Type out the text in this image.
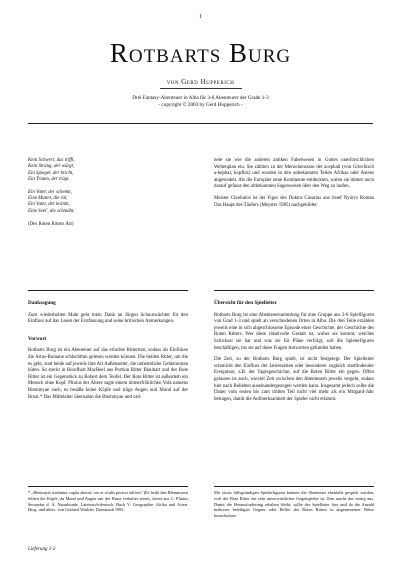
1
Rotbarts Burg
von Gerd Hupperich
Drei Fantasy-Abenteuer in Alba für 3-6 Abenteurer der Grade 1-3
- copyright © 2003 by Gerd Hupperich -
Kein Schwert, das trifft,
Kein Strang, der würgt,
Ein Spiegel, der bricht,
Ein Traum, der trügt.
Ein Vater, der schenkt,
Eine Mutter, die rät,
Ein Vater, der kränkt,
Eine Seel', die schmäht.
(Des Roten Ritters Art)

nete sie wie die anderen antiken Fabelwesen in Gottes unerforschlichen Weltenplan ein. Sie zählten zu der Menschenrasse der acephali (von Griechisch a-kephal, kopflos) und wurden in den unbekannten Teilen Afrikas oder Asiens angesiedelt. Als die Europäer neue Kontinente entdeckten, waren sie immer noch darauf gefasst den altbekannten Sagenwesen über den Weg zu laufen.

Meister Cleobulos ist der Figur des Doktor Cäsarius aus Josef Nyárys Roman Das Haupt des Täufers (Meyster 1985) nachgebildet.

Danksagung

Zum wiederholten Male geht mein Dank an Jürgen Schnurwächter für den Einfluss auf das Lesen der Erstfassung und seine kritischen Anmerkungen.

Vorwort

Rotbarts Burg ist ein Abenteuer auf das erlachte Rittertum, sodass als Einflüsse die Artus-Romane schlechthin gelesen werden können. Die beiden Ritter, um die es geht, sind beide auf jeweils ihre Art Außenseiter, die unheimliche Geheimnisse hüten. So steckt in Rioufhart MacReel aus Portion Ritter Blauhart und der Rote Ritter ist ein Gegenstück zu Robert dem Teufel. Der Rote Ritter ist außerdem ein Mensch ohne Kopf. Plinius der Ältere sagte einem immerfröhlichen Volk namens Blemmyae nach, es besäße keine Köpfe und trüge Augen und Mund auf der Brust.* Das Mittelalter übernahm die Blemmyae und ord-

* „Blemmyis traduntur capita abesse, ore et oculis pectori adfixis" (Es heißt den Blemmyern fehlen die Köpfe, da Mund und Augen mit der Brust verhaftet seien), zitiert aus C. Plinius Secundus d. Ä. Naturkunde. Lateinisch-deutsch. Buch V: Geographie: Afrika und Asien. Hrsg. und übers. von Gerhard Winkler. Darmstadt 1993.
Übersicht für den Spielleiter

Rotbarts Burg ist eine Abenteuersammlung für eine Gruppe aus 3-6 Spielfiguren von Grad 1-3 und spielt an verschiedenen Orten in Alba. Die drei Teile erzählen jeweils eine in sich abgeschlossene Episode einer Geschichte, der Geschichte des Roten Ritters. Wer diese rätselvolle Gestalt ist, woher sie kommt, welches Schicksal sie hat und was sie für Pläne verfolgt, soll die Spielerfiguren beschäftigen, bis sie auf diese Fragen Antworten gefunden haben.

Die Zeit, zu der Rotbarts Burg spielt, ist nicht festgelegt. Der Spielleiter schmückt den Einfluss der Jahreszeiten oder besonderer zugleich stattfindender Ereignisse, z.B. der Tagesgeschichte, auf die Roten Ritter ein gegen. Offen gelassen ist auch, wieviel Zeit zwischen den Abenteuern jeweils vergeht, sodass hier nach Belieben auseinandergezogen werden kann. Insgesamt jedoch sollte die Dauer vom ersten bis zum dritten Teil nicht viel mehr als ein Midgard-Jahr betragen, damit die Aufmerksamkeit der Spieler nicht erlahmt.

Mit etwas hilfsgründigen Spielerfiguren können die Abenteuer ebenfalls gespielt werden, weil der Rote Ritter ein sehr unverwüstlicher Gegenspieler ist. Ihm macht das wenig aus. Damit die Herausforderung erhalten bleibt, sollte der Spielleiter hier und da die Anzahl mehrerer beteiligter Gegner oder Helfer des Roten Ritters in angemessener Weise heraufsetzen.
Lieferung 1-2
